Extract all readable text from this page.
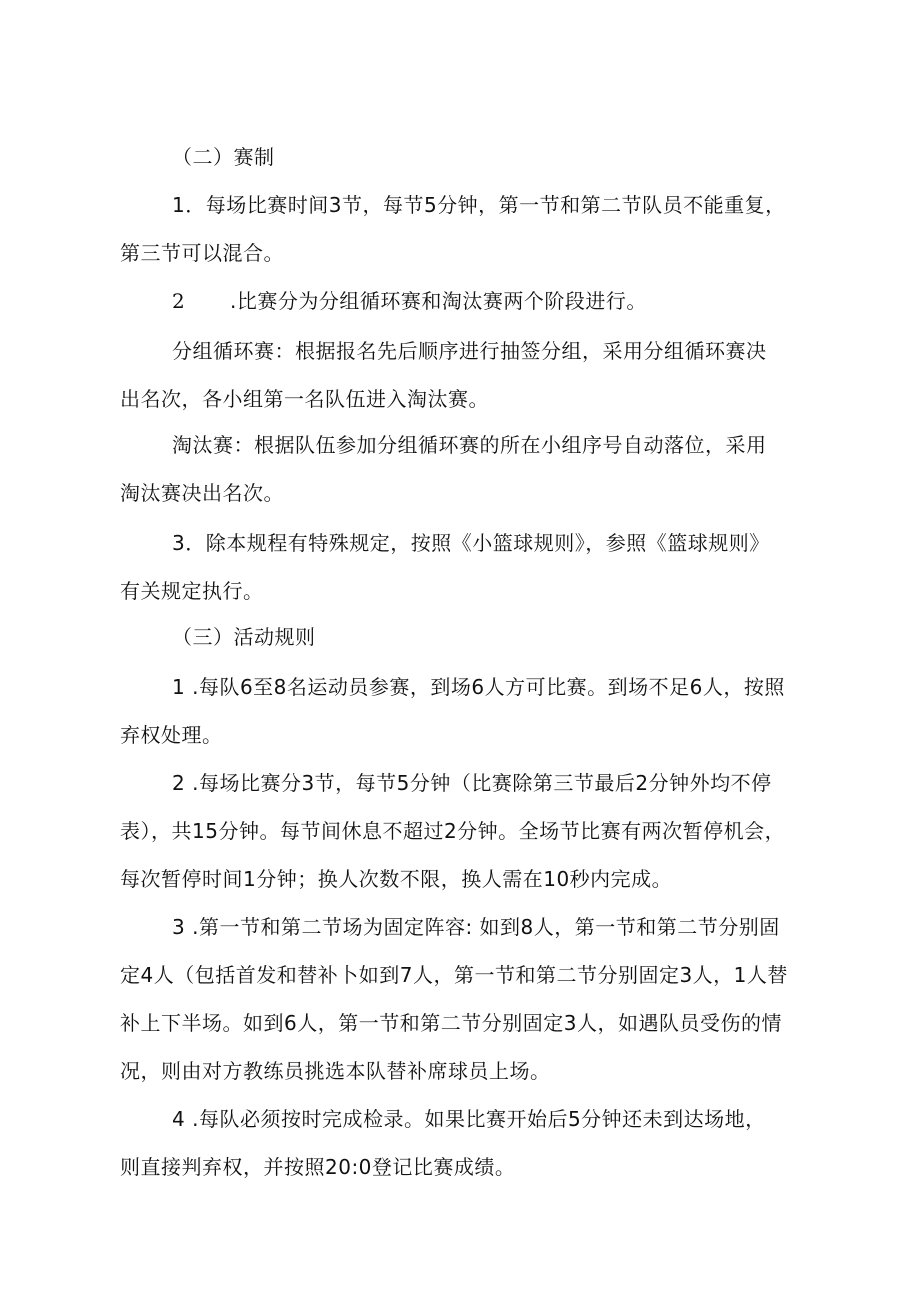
（二）赛制
1．每场比赛时间3节，每节5分钟，第一节和第二节队员不能重复，
第三节可以混合。
2 .比赛分为分组循环赛和淘汰赛两个阶段进行。
分组循环赛：根据报名先后顺序进行抽签分组，采用分组循环赛决
出名次，各小组第一名队伍进入淘汰赛。
淘汰赛：根据队伍参加分组循环赛的所在小组序号自动落位，采用
淘汰赛决出名次。
3．除本规程有特殊规定，按照《小篮球规则》，参照《篮球规则》
有关规定执行。
（三）活动规则
1 .每队6至8名运动员参赛，到场6人方可比赛。到场不足6人，按照
弃权处理。
2 .每场比赛分3节，每节5分钟（比赛除第三节最后2分钟外均不停
表），共15分钟。每节间休息不超过2分钟。全场节比赛有两次暂停机会，
每次暂停时间1分钟；换人次数不限，换人需在10秒内完成。
3 .第一节和第二节场为固定阵容: 如到8人，第一节和第二节分别固
定4人（包括首发和替补卜如到7人，第一节和第二节分别固定3人，1人替
补上下半场。如到6人，第一节和第二节分别固定3人，如遇队员受伤的情
况，则由对方教练员挑选本队替补席球员上场。
4 .每队必须按时完成检录。如果比赛开始后5分钟还未到达场地，
则直接判弃权，并按照20:0登记比赛成绩。
